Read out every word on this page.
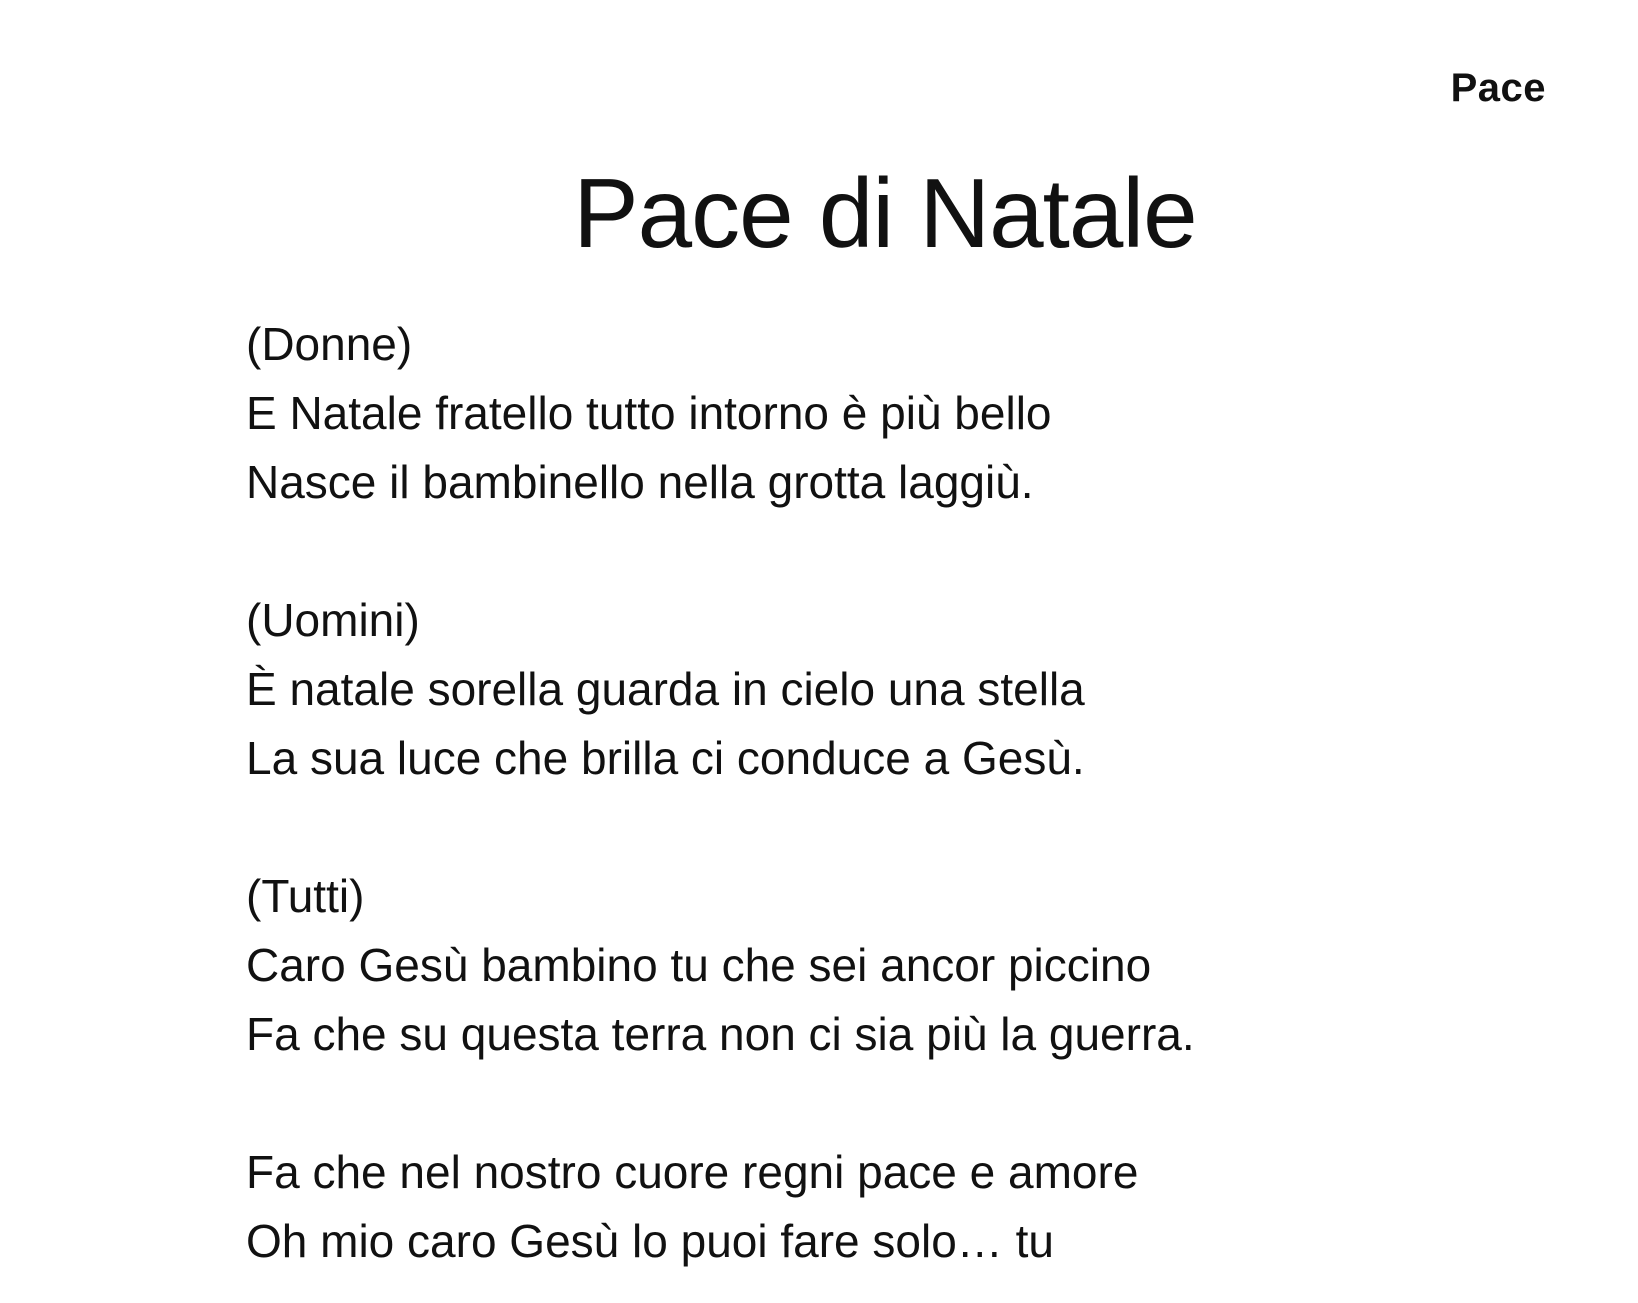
Pace
Pace di Natale
(Donne)
E Natale fratello tutto intorno è più bello
Nasce il bambinello nella grotta laggiù.
(Uomini)
È natale sorella guarda in cielo una stella
La sua luce che brilla ci conduce a Gesù.
(Tutti)
Caro Gesù bambino tu che sei ancor piccino
Fa che su questa terra non ci sia più la guerra.
Fa che nel nostro cuore regni pace e amore
Oh mio caro Gesù lo puoi fare solo… tu
